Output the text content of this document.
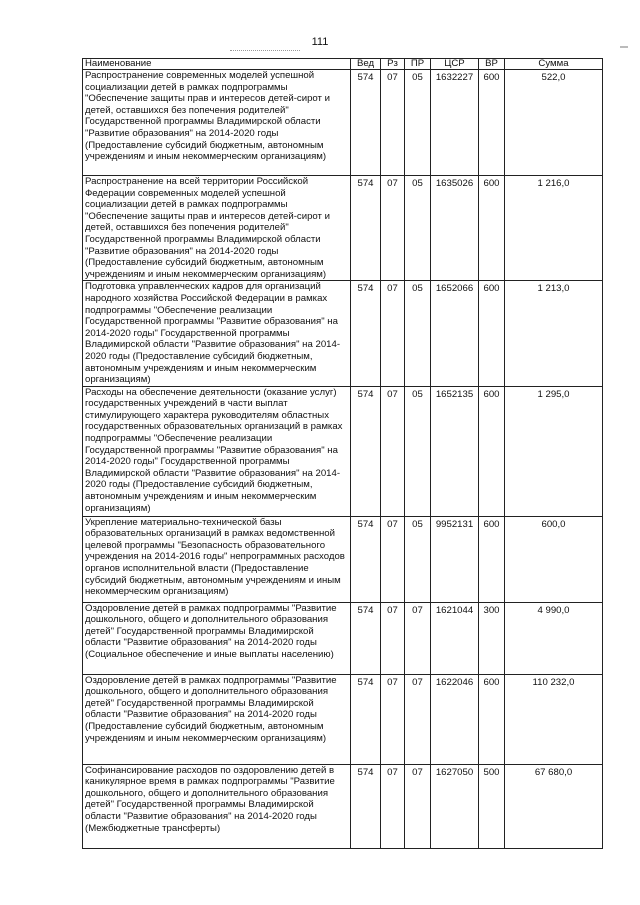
111
Наименование	Вед	Рз	ПР	ЦСР	ВР	Сумма
Распространение современных моделей успешной социализации детей в рамках подпрограммы "Обеспечение защиты прав и интересов детей-сирот и детей, оставшихся без попечения родителей" Государственной программы Владимирской области "Развитие образования" на 2014-2020 годы (Предоставление субсидий бюджетным, автономным учреждениям и иным некоммерческим организациям)	574	07	05	1632227	600	522,0
Распространение на всей территории Российской Федерации современных моделей успешной социализации детей в рамках подпрограммы "Обеспечение защиты прав и интересов детей-сирот и детей, оставшихся без попечения родителей" Государственной программы Владимирской области "Развитие образования" на 2014-2020 годы (Предоставление субсидий бюджетным, автономным учреждениям и иным некоммерческим организациям)	574	07	05	1635026	600	1 216,0
Подготовка управленческих кадров для организаций народного хозяйства Российской Федерации в рамках подпрограммы "Обеспечение реализации Государственной программы "Развитие образования" на 2014-2020 годы" Государственной программы Владимирской области "Развитие образования" на 2014-2020 годы (Предоставление субсидий бюджетным, автономным учреждениям и иным некоммерческим организациям)	574	07	05	1652066	600	1 213,0
Расходы на обеспечение деятельности (оказание услуг) государственных учреждений в части выплат стимулирующего характера руководителям областных государственных образовательных организаций в рамках подпрограммы "Обеспечение реализации Государственной программы "Развитие образования" на 2014-2020 годы" Государственной программы Владимирской области "Развитие образования" на 2014-2020 годы (Предоставление субсидий бюджетным, автономным учреждениям и иным некоммерческим организациям)	574	07	05	1652135	600	1 295,0
Укрепление материально-технической базы образовательных организаций в рамках ведомственной целевой программы "Безопасность образовательного учреждения на 2014-2016 годы" непрограммных расходов органов исполнительной власти (Предоставление субсидий бюджетным, автономным учреждениям и иным некоммерческим организациям)	574	07	05	9952131	600	600,0
Оздоровление детей в рамках подпрограммы "Развитие дошкольного, общего и дополнительного образования детей" Государственной программы Владимирской области "Развитие образования" на 2014-2020 годы (Социальное обеспечение и иные выплаты населению)	574	07	07	1621044	300	4 990,0
Оздоровление детей в рамках подпрограммы "Развитие дошкольного, общего и дополнительного образования детей" Государственной программы Владимирской области "Развитие образования" на 2014-2020 годы (Предоставление субсидий бюджетным, автономным учреждениям и иным некоммерческим организациям)	574	07	07	1622046	600	110 232,0
Софинансирование расходов по оздоровлению детей в каникулярное время в рамках подпрограммы "Развитие дошкольного, общего и дополнительного образования детей" Государственной программы Владимирской области "Развитие образования" на 2014-2020 годы (Межбюджетные трансферты)	574	07	07	1627050	500	67 680,0
